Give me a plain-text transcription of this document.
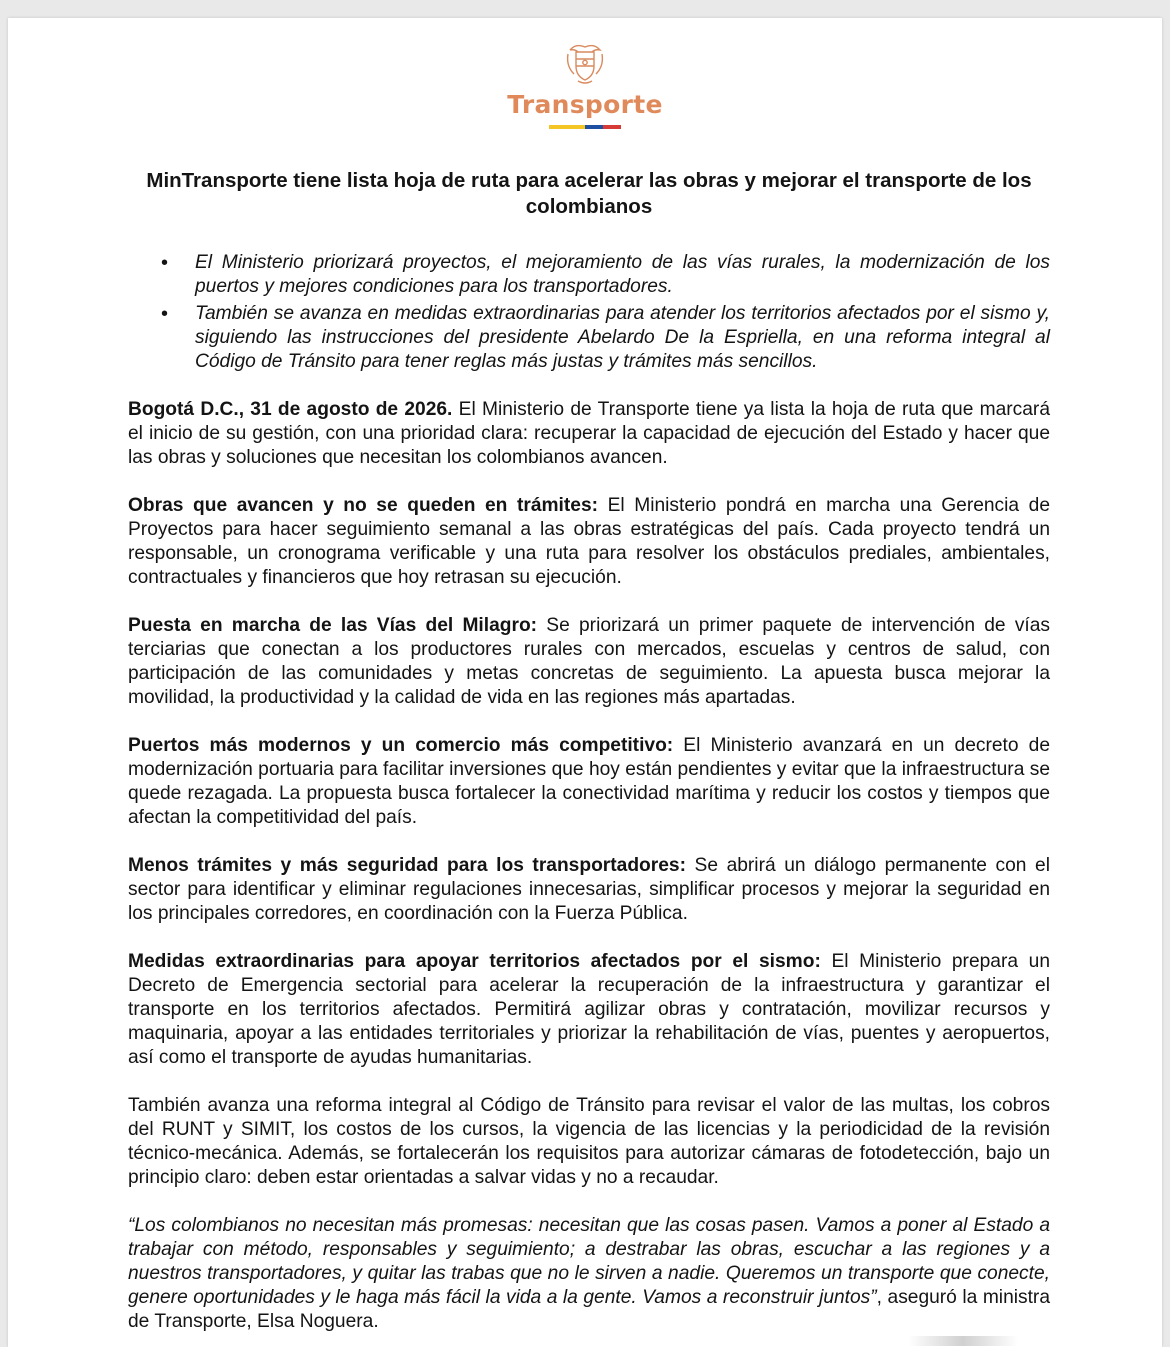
Transporte
MinTransporte tiene lista hoja de ruta para acelerar las obras y mejorar el transporte de los colombianos
• El Ministerio priorizará proyectos, el mejoramiento de las vías rurales, la modernización de los puertos y mejores condiciones para los transportadores.
• También se avanza en medidas extraordinarias para atender los territorios afectados por el sismo y, siguiendo las instrucciones del presidente Abelardo De la Espriella, en una reforma integral al Código de Tránsito para tener reglas más justas y trámites más sencillos.

Bogotá D.C., 31 de agosto de 2026. El Ministerio de Transporte tiene ya lista la hoja de ruta que marcará el inicio de su gestión, con una prioridad clara: recuperar la capacidad de ejecución del Estado y hacer que las obras y soluciones que necesitan los colombianos avancen.

Obras que avancen y no se queden en trámites: El Ministerio pondrá en marcha una Gerencia de Proyectos para hacer seguimiento semanal a las obras estratégicas del país. Cada proyecto tendrá un responsable, un cronograma verificable y una ruta para resolver los obstáculos prediales, ambientales, contractuales y financieros que hoy retrasan su ejecución.

Puesta en marcha de las Vías del Milagro: Se priorizará un primer paquete de intervención de vías terciarias que conectan a los productores rurales con mercados, escuelas y centros de salud, con participación de las comunidades y metas concretas de seguimiento. La apuesta busca mejorar la movilidad, la productividad y la calidad de vida en las regiones más apartadas.

Puertos más modernos y un comercio más competitivo: El Ministerio avanzará en un decreto de modernización portuaria para facilitar inversiones que hoy están pendientes y evitar que la infraestructura se quede rezagada. La propuesta busca fortalecer la conectividad marítima y reducir los costos y tiempos que afectan la competitividad del país.

Menos trámites y más seguridad para los transportadores: Se abrirá un diálogo permanente con el sector para identificar y eliminar regulaciones innecesarias, simplificar procesos y mejorar la seguridad en los principales corredores, en coordinación con la Fuerza Pública.

Medidas extraordinarias para apoyar territorios afectados por el sismo: El Ministerio prepara un Decreto de Emergencia sectorial para acelerar la recuperación de la infraestructura y garantizar el transporte en los territorios afectados. Permitirá agilizar obras y contratación, movilizar recursos y maquinaria, apoyar a las entidades territoriales y priorizar la rehabilitación de vías, puentes y aeropuertos, así como el transporte de ayudas humanitarias.

También avanza una reforma integral al Código de Tránsito para revisar el valor de las multas, los cobros del RUNT y SIMIT, los costos de los cursos, la vigencia de las licencias y la periodicidad de la revisión técnico-mecánica. Además, se fortalecerán los requisitos para autorizar cámaras de fotodetección, bajo un principio claro: deben estar orientadas a salvar vidas y no a recaudar.

“Los colombianos no necesitan más promesas: necesitan que las cosas pasen. Vamos a poner al Estado a trabajar con método, responsables y seguimiento; a destrabar las obras, escuchar a las regiones y a nuestros transportadores, y quitar las trabas que no le sirven a nadie. Queremos un transporte que conecte, genere oportunidades y le haga más fácil la vida a la gente. Vamos a reconstruir juntos”, aseguró la ministra de Transporte, Elsa Noguera.
